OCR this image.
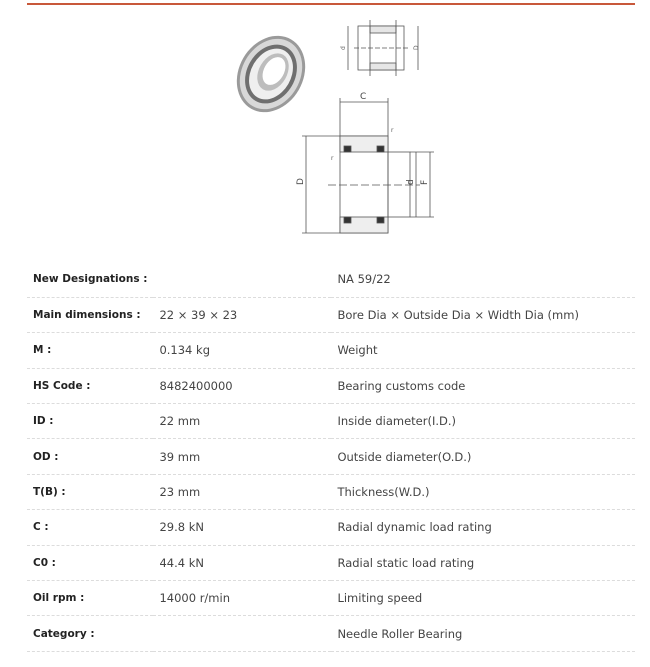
d	D
C
r
r
D	d F
New Designations :		NA 59/22
Main dimensions :	22 × 39 × 23	Bore Dia × Outside Dia × Width Dia (mm)
M :	0.134 kg	Weight
HS Code :	8482400000	Bearing customs code
ID :	22 mm	Inside diameter(I.D.)
OD :	39 mm	Outside diameter(O.D.)
T(B) :	23 mm	Thickness(W.D.)
C :	29.8 kN	Radial dynamic load rating
C0 :	44.4 kN	Radial static load rating
Oil rpm :	14000 r/min	Limiting speed
Category :		Needle Roller Bearing
